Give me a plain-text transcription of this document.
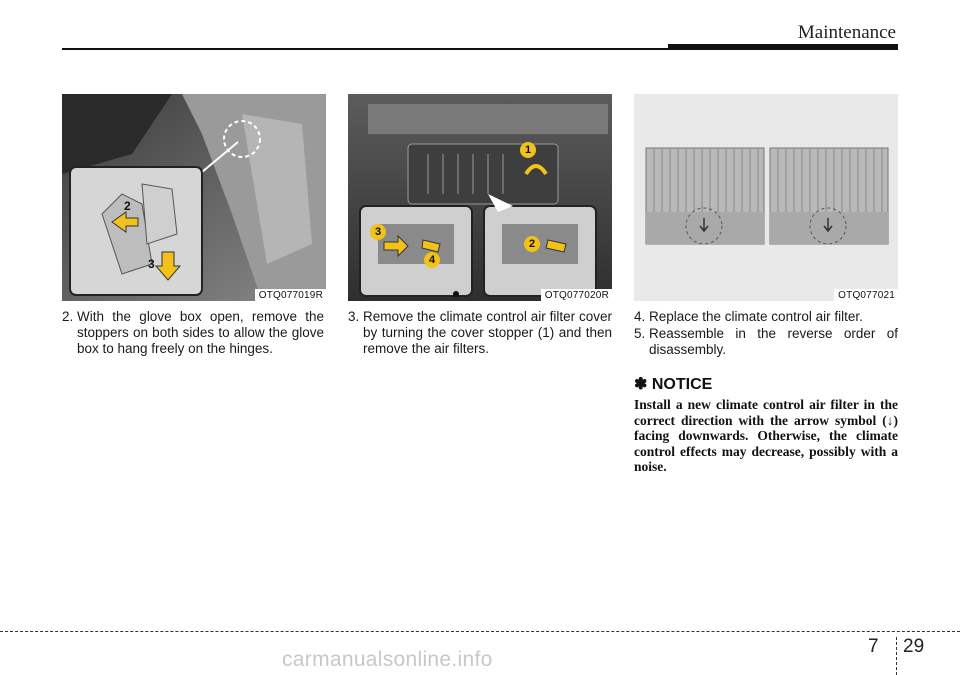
Maintenance
2
3
OTQ077019R
1
2
3
4
OTQ077020R	OTQ077021
2. With the glove box open, remove the stoppers on both sides to allow the glove box to hang freely on the hinges.
3. Remove the climate control air filter cover by turning the cover stopper (1) and then remove the air filters.
4. Replace the climate control air filter.
5. Reassemble in the reverse order of disassembly.
✽ NOTICE
Install a new climate control air filter in the correct direction with the arrow symbol (↓) facing downwards. Otherwise, the climate control effects may decrease, possibly with a noise.
7 29
carmanualsonline.info
